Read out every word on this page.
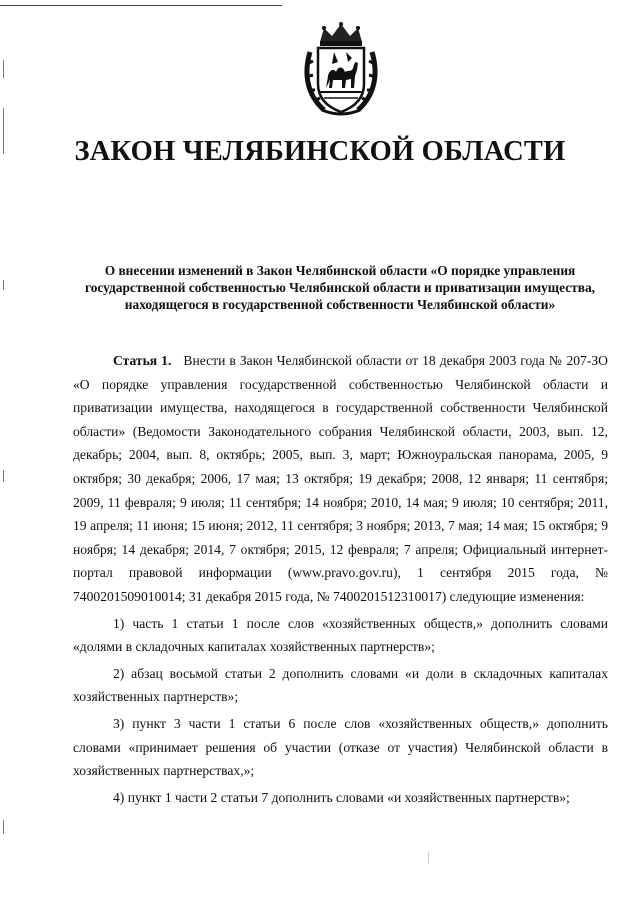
ЗАКОН ЧЕЛЯБИНСКОЙ ОБЛАСТИ
О внесении изменений в Закон Челябинской области «О порядке управления государственной собственностью Челябинской области и приватизации имущества, находящегося в государственной собственности Челябинской области»

Статья 1. Внести в Закон Челябинской области от 18 декабря 2003 года № 207-ЗО «О порядке управления государственной собственностью Челябинской области и приватизации имущества, находящегося в государственной собственности Челябинской области» (Ведомости Законодательного собрания Челябинской области, 2003, вып. 12, декабрь; 2004, вып. 8, октябрь; 2005, вып. 3, март; Южноуральская панорама, 2005, 9 октября; 30 декабря; 2006, 17 мая; 13 октября; 19 декабря; 2008, 12 января; 11 сентября; 2009, 11 февраля; 9 июля; 11 сентября; 14 ноября; 2010, 14 мая; 9 июля; 10 сентября; 2011, 19 апреля; 11 июня; 15 июня; 2012, 11 сентября; 3 ноября; 2013, 7 мая; 14 мая; 15 октября; 9 ноября; 14 декабря; 2014, 7 октября; 2015, 12 февраля; 7 апреля; Официальный интернет-портал правовой информации (www.pravo.gov.ru), 1 сентября 2015 года, № 7400201509010014; 31 декабря 2015 года, № 7400201512310017) следующие изменения:

1) часть 1 статьи 1 после слов «хозяйственных обществ,» дополнить словами «долями в складочных капиталах хозяйственных партнерств»;

2) абзац восьмой статьи 2 дополнить словами «и доли в складочных капиталах хозяйственных партнерств»;

3) пункт 3 части 1 статьи 6 после слов «хозяйственных обществ,» дополнить словами «принимает решения об участии (отказе от участия) Челябинской области в хозяйственных партнерствах,»;

4) пункт 1 части 2 статьи 7 дополнить словами «и хозяйственных партнерств»;
